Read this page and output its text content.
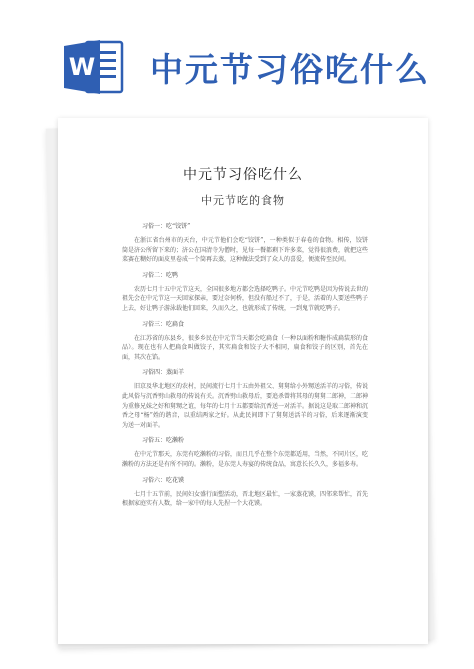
W 中元节习俗吃什么
中元节习俗吃什么
中元节吃的食物
习俗一：吃“饺饼”

在浙江省台州市的天台，中元节他们会吃“饺饼”，一种类似于春卷的食物。相传，饺饼筒是济公所留下来的；济公在国清寺为僧时，见每一餐都剩下许多菜，觉得很浪费，就把这些菜赛在糊好的面皮里卷成一个筒再去蒸，这种做法受到了众人的喜爱，便流传至民间。

习俗二：吃鸭

农历七月十五中元节这天，全国很多地方都会选择吃鸭子。中元节吃鸭是因为传说去世的祖先会在中元节这一天回家探亲，要过奈何桥，但没有船过不了，于是，活着的人要送些鸭子上去，好让鸭子游泳载他们回来，久而久之，也就形成了传统，一到鬼节就吃鸭子。

习俗三：吃扁食

在江苏省的东县乡，很多乡民在中元节当天都会吃扁食（一种以面粉和糖作成扁装形的食品）。现在也有人把扁食叫做饺子，其实扁食和饺子大不相同，扁食和饺子的区别，首先在面，其次在馅。

习俗四：蒸面羊

旧京及华北地区的农村，民间流行七月十五由外祖父、舅舅给小外甥送活羊的习俗，传说此风俗与沉香劈山救母的传说有关。沉香劈山救母后，要追杀曾将其母的舅舅二郎神，二郎神为重修兄妹之好和舅甥之谊，每年的七月十五都要给沉香送一对活羊。据说这是取二郎神和沉香之母“杨”姓的谐音，以重结两家之好。从此民间即下了舅舅送活羊的习俗，后来逐渐演变为送一对面羊。

习俗五：吃濑粉

在中元节那天，东莞有吃濑粉的习俗，而且几乎在整个东莞都适用，当然，不同片区，吃濑粉的方法还是有所不同的。濑粉，是东莞人寿宴的传统食品，寓意长长久久，多福多寿。

习俗六：吃花馍

七月十五节前，民间妇女盛行面塑活动，晋北地区最忙，一家蒸花馍，四邻来帮忙，首先根据家庭实有人数，给一家中的每人先捏一个大花馍。
